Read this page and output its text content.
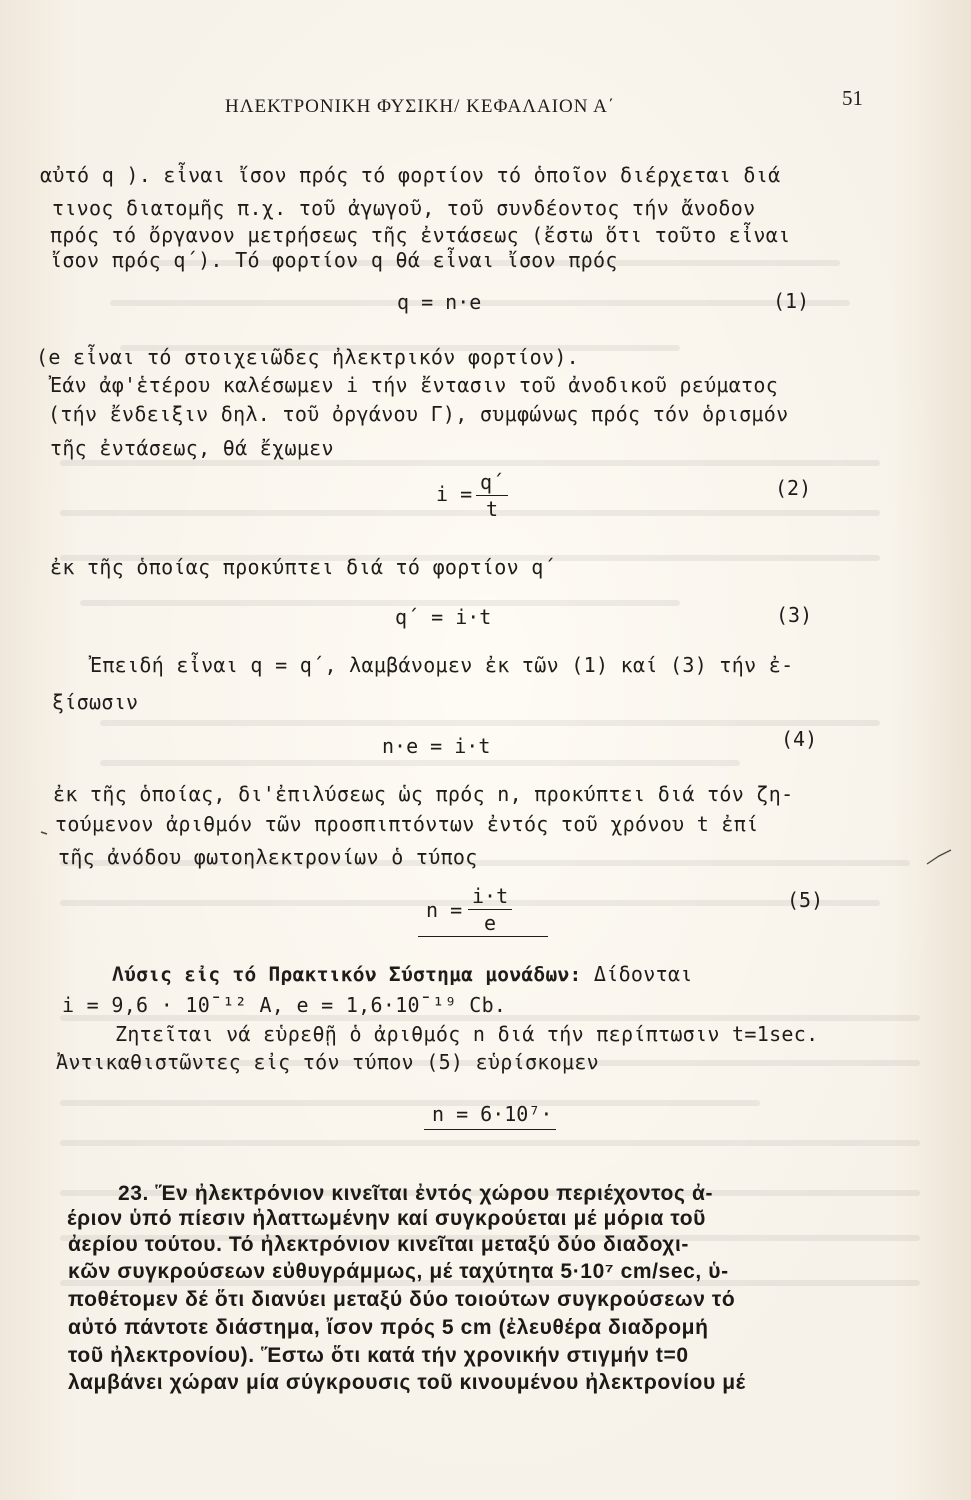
ΗΛΕΚΤΡΟΝΙΚΗ ΦΥΣΙΚΗ/ ΚΕΦΑΛΑΙΟΝ Α΄	51
αὐτό q ). εἶναι ἴσον πρός τό φορτίον τό ὁποῖον διέρχεται διά
τινος διατομῆς π.χ. τοῦ ἀγωγοῦ, τοῦ συνδέοντος τήν ἄνοδον
πρός τό ὄργανον μετρήσεως τῆς ἐντάσεως (ἔστω ὅτι τοῦτο εἶναι
ἴσον πρός q΄). Τό φορτίον q θά εἶναι ἴσον πρός
q = n·e	(1)
(e εἶναι τό στοιχειῶδες ἠλεκτρικόν φορτίον).
Ἐάν ἀφ'ἑτέρου καλέσωμεν i τήν ἔντασιν τοῦ ἀνοδικοῦ ρεύματος
(τήν ἔνδειξιν δηλ. τοῦ ὀργάνου Γ), συμφώνως πρός τόν ὁρισμόν
τῆς ἐντάσεως, θά ἔχωμεν
$i = \frac{q΄}{t}$	(2)
ἐκ τῆς ὁποίας προκύπτει διά τό φορτίον q΄
q΄ = i·t	(3)
Ἐπειδή εἶναι q = q΄, λαμβάνομεν ἐκ τῶν (1) καί (3) τήν ἐ-
ξίσωσιν
n·e = i·t	(4)
ἐκ τῆς ὁποίας, δι'ἐπιλύσεως ὡς πρός n, προκύπτει διά τόν ζη-
τούμενον ἀριθμόν τῶν προσπιπτόντων ἐντός τοῦ χρόνου t ἐπί
τῆς ἀνόδου φωτοηλεκτρονίων ὁ τύπος
$n = \frac{i\cdot t}{e}$	(5)
Λύσις εἰς τό Πρακτικόν Σύστημα μονάδων: Δίδονται
i = 9,6 · 10¯¹² A, e = 1,6·10¯¹⁹ Cb.
Ζητεῖται νά εὑρεθῇ ὁ ἀριθμός n διά τήν περίπτωσιν t=1sec.
Ἀντικαθιστῶντες εἰς τόν τύπον (5) εὑρίσκομεν
n = 6·10⁷·
23. Ἕν ἠλεκτρόνιον κινεῖται ἐντός χώρου περιέχοντος ἀ-
έριον ὑπό πίεσιν ἠλαττωμένην καί συγκρούεται μέ μόρια τοῦ
ἀερίου τούτου. Τό ἠλεκτρόνιον κινεῖται μεταξύ δύο διαδοχι-
κῶν συγκρούσεων εὐθυγράμμως, μέ ταχύτητα 5·10⁷ cm/sec, ὑ-
ποθέτομεν δέ ὅτι διανύει μεταξύ δύο τοιούτων συγκρούσεων τό
αὐτό πάντοτε διάστημα, ἴσον πρός 5 cm (ἐλευθέρα διαδρομή
τοῦ ἠλεκτρονίου). Ἕστω ὅτι κατά τήν χρονικήν στιγμήν t=0
λαμβάνει χώραν μία σύγκρουσις τοῦ κινουμένου ἠλεκτρονίου μέ
